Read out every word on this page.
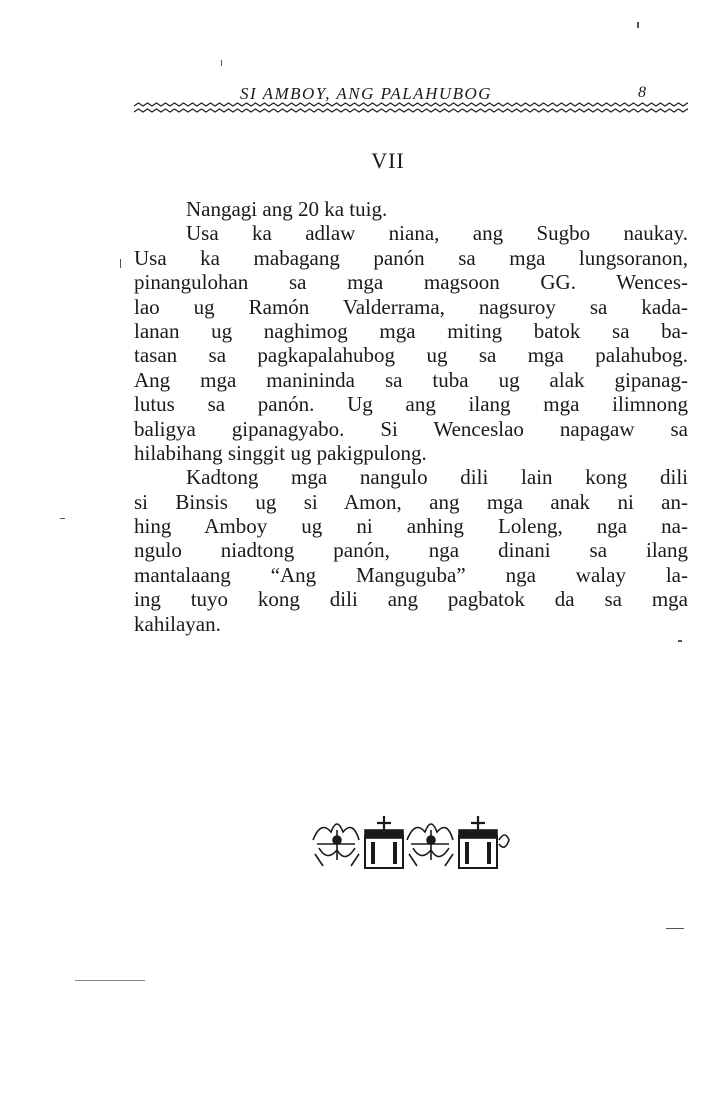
SI AMBOY, ANG PALAHUBOG	8
VII
Nangagi ang 20 ka tuig.
Usa ka adlaw niana, ang Sugbo naukay.
Usa ka mabagang panón sa mga lungsoranon,
pinangulohan sa mga magsoon GG. Wences-
lao ug Ramón Valderrama, nagsuroy sa kada-
lanan ug naghimog mga miting batok sa ba-
tasan sa pagkapalahubog ug sa mga palahubog.
Ang mga manininda sa tuba ug alak gipanag-
lutus sa panón. Ug ang ilang mga ilimnong
baligya gipanagyabo. Si Wenceslao napagaw sa
hilabihang singgit ug pakigpulong.
Kadtong mga nangulo dili lain kong dili
si Binsis ug si Amon, ang mga anak ni an-
hing Amboy ug ni anhing Loleng, nga na-
ngulo niadtong panón, nga dinani sa ilang
mantalaang “Ang Manguguba” nga walay la-
ing tuyo kong dili ang pagbatok da sa mga
kahilayan.
